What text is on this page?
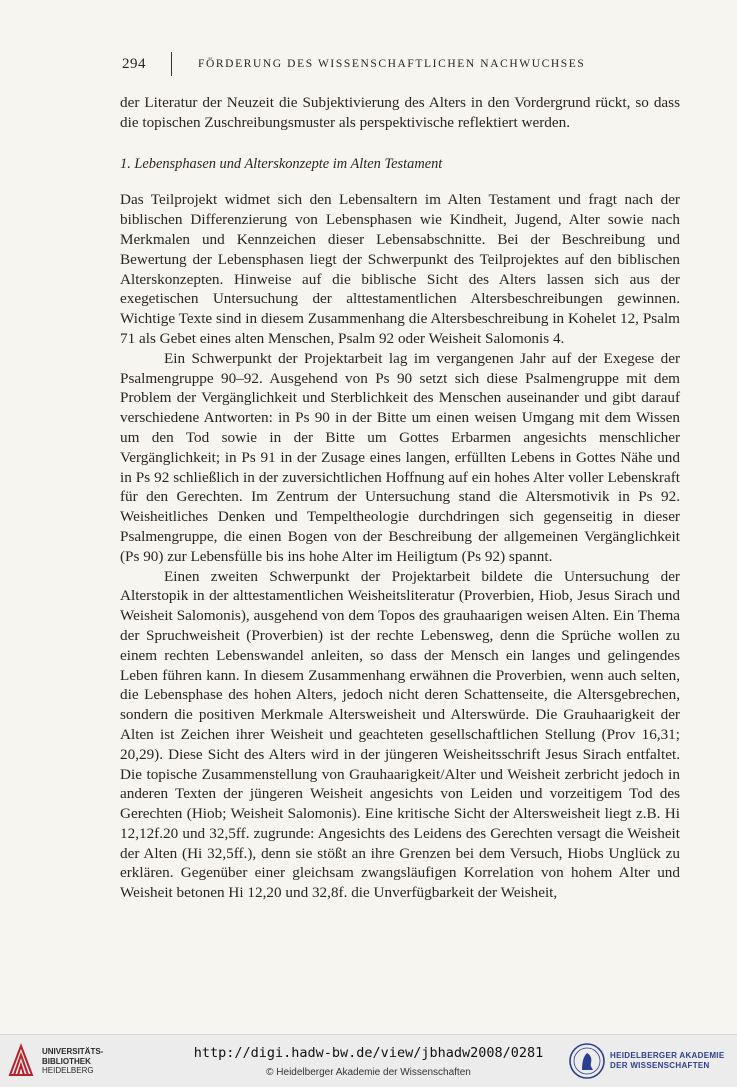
294	FÖRDERUNG DES WISSENSCHAFTLICHEN NACHWUCHSES

der Literatur der Neuzeit die Subjektivierung des Alters in den Vordergrund rückt, so dass die topischen Zuschreibungsmuster als perspektivische reflektiert werden.

1. Lebensphasen und Alterskonzepte im Alten Testament

Das Teilprojekt widmet sich den Lebensaltern im Alten Testament und fragt nach der biblischen Differenzierung von Lebensphasen wie Kindheit, Jugend, Alter sowie nach Merkmalen und Kennzeichen dieser Lebensabschnitte. Bei der Beschreibung und Bewertung der Lebensphasen liegt der Schwerpunkt des Teilprojektes auf den biblischen Alterskonzepten. Hinweise auf die biblische Sicht des Alters lassen sich aus der exegetischen Untersuchung der alttestamentlichen Altersbeschreibungen gewinnen. Wichtige Texte sind in diesem Zusammenhang die Altersbeschreibung in Kohelet 12, Psalm 71 als Gebet eines alten Menschen, Psalm 92 oder Weisheit Salomonis 4.

Ein Schwerpunkt der Projektarbeit lag im vergangenen Jahr auf der Exegese der Psalmengruppe 90–92. Ausgehend von Ps 90 setzt sich diese Psalmengruppe mit dem Problem der Vergänglichkeit und Sterblichkeit des Menschen auseinander und gibt darauf verschiedene Antworten: in Ps 90 in der Bitte um einen weisen Umgang mit dem Wissen um den Tod sowie in der Bitte um Gottes Erbarmen angesichts menschlicher Vergänglichkeit; in Ps 91 in der Zusage eines langen, erfüllten Lebens in Gottes Nähe und in Ps 92 schließlich in der zuversichtlichen Hoffnung auf ein hohes Alter voller Lebenskraft für den Gerechten. Im Zentrum der Untersuchung stand die Altersmotivik in Ps 92. Weisheitliches Denken und Tempeltheologie durchdringen sich gegenseitig in dieser Psalmengruppe, die einen Bogen von der Beschreibung der allgemeinen Vergänglichkeit (Ps 90) zur Lebensfülle bis ins hohe Alter im Heiligtum (Ps 92) spannt.

Einen zweiten Schwerpunkt der Projektarbeit bildete die Untersuchung der Alterstopik in der alttestamentlichen Weisheitsliteratur (Proverbien, Hiob, Jesus Sirach und Weisheit Salomonis), ausgehend von dem Topos des grauhaarigen weisen Alten. Ein Thema der Spruchweisheit (Proverbien) ist der rechte Lebensweg, denn die Sprüche wollen zu einem rechten Lebenswandel anleiten, so dass der Mensch ein langes und gelingendes Leben führen kann. In diesem Zusammenhang erwähnen die Proverbien, wenn auch selten, die Lebensphase des hohen Alters, jedoch nicht deren Schattenseite, die Altersgebrechen, sondern die positiven Merkmale Altersweisheit und Alterswürde. Die Grauhaarigkeit der Alten ist Zeichen ihrer Weisheit und geachteten gesellschaftlichen Stellung (Prov 16,31; 20,29). Diese Sicht des Alters wird in der jüngeren Weisheitsschrift Jesus Sirach entfaltet. Die topische Zusammenstellung von Grauhaarigkeit/Alter und Weisheit zerbricht jedoch in anderen Texten der jüngeren Weisheit angesichts von Leiden und vorzeitigem Tod des Gerechten (Hiob; Weisheit Salomonis). Eine kritische Sicht der Altersweisheit liegt z.B. Hi 12,12f.20 und 32,5ff. zugrunde: Angesichts des Leidens des Gerechten versagt die Weisheit der Alten (Hi 32,5ff.), denn sie stößt an ihre Grenzen bei dem Versuch, Hiobs Unglück zu erklären. Gegenüber einer gleichsam zwangsläufigen Korrelation von hohem Alter und Weisheit betonen Hi 12,20 und 32,8f. die Unverfügbarkeit der Weisheit,

UNIVERSITÄTS-
BIBLIOTHEK
HEIDELBERG
http://digi.hadw-bw.de/view/jbhadw2008/0281
© Heidelberger Akademie der Wissenschaften
HEIDELBERGER AKADEMIE
DER WISSENSCHAFTEN
